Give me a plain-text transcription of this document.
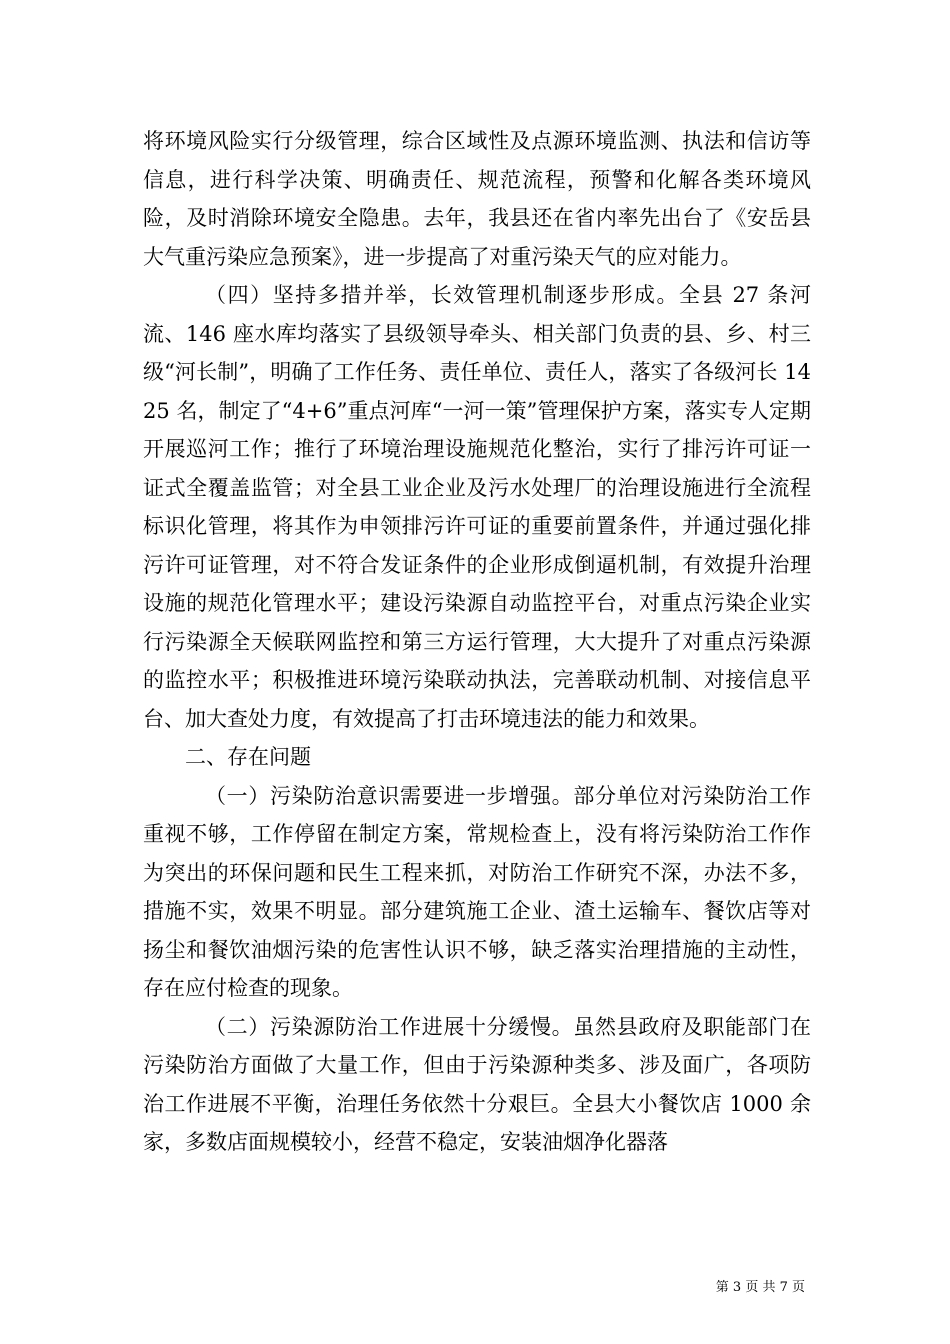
将环境风险实行分级管理，综合区域性及点源环境监测、执法和信访等信息，进行科学决策、明确责任、规范流程，预警和化解各类环境风险，及时消除环境安全隐患。去年，我县还在省内率先出台了《安岳县大气重污染应急预案》，进一步提高了对重污染天气的应对能力。

（四）坚持多措并举，长效管理机制逐步形成。全县 27 条河流、146 座水库均落实了县级领导牵头、相关部门负责的县、乡、村三级“河长制”，明确了工作任务、责任单位、责任人，落实了各级河长 1425 名，制定了“4+6”重点河库“一河一策”管理保护方案，落实专人定期开展巡河工作；推行了环境治理设施规范化整治，实行了排污许可证一证式全覆盖监管；对全县工业企业及污水处理厂的治理设施进行全流程标识化管理，将其作为申领排污许可证的重要前置条件，并通过强化排污许可证管理，对不符合发证条件的企业形成倒逼机制，有效提升治理设施的规范化管理水平；建设污染源自动监控平台，对重点污染企业实行污染源全天候联网监控和第三方运行管理，大大提升了对重点污染源的监控水平；积极推进环境污染联动执法，完善联动机制、对接信息平台、加大查处力度，有效提高了打击环境违法的能力和效果。

二、存在问题

（一）污染防治意识需要进一步增强。部分单位对污染防治工作重视不够，工作停留在制定方案，常规检查上，没有将污染防治工作作为突出的环保问题和民生工程来抓，对防治工作研究不深，办法不多，措施不实，效果不明显。部分建筑施工企业、渣土运输车、餐饮店等对扬尘和餐饮油烟污染的危害性认识不够，缺乏落实治理措施的主动性，存在应付检查的现象。

（二）污染源防治工作进展十分缓慢。虽然县政府及职能部门在污染防治方面做了大量工作，但由于污染源种类多、涉及面广，各项防治工作进展不平衡，治理任务依然十分艰巨。全县大小餐饮店 1000 余家，多数店面规模较小，经营不稳定，安装油烟净化器落

第 3 页 共 7 页
